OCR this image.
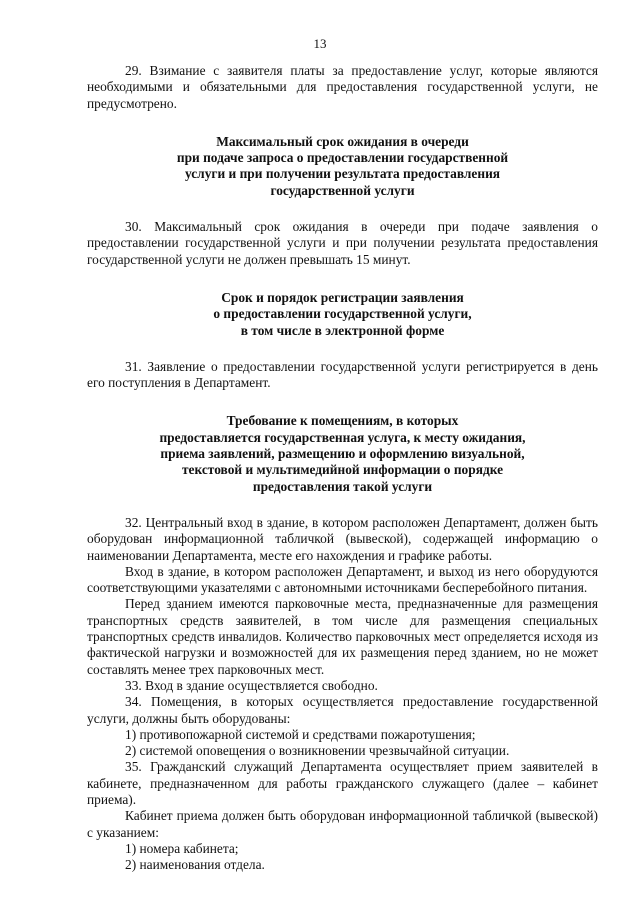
13

29. Взимание с заявителя платы за предоставление услуг, которые являются необходимыми и обязательными для предоставления государственной услуги, не предусмотрено.

Максимальный срок ожидания в очереди
при подаче запроса о предоставлении государственной
услуги и при получении результата предоставления
государственной услуги

30. Максимальный срок ожидания в очереди при подаче заявления о предоставлении государственной услуги и при получении результата предоставления государственной услуги не должен превышать 15 минут.

Срок и порядок регистрации заявления
о предоставлении государственной услуги,
в том числе в электронной форме

31. Заявление о предоставлении государственной услуги регистрируется в день его поступления в Департамент.

Требование к помещениям, в которых
предоставляется государственная услуга, к месту ожидания,
приема заявлений, размещению и оформлению визуальной,
текстовой и мультимедийной информации о порядке
предоставления такой услуги

32. Центральный вход в здание, в котором расположен Департамент, должен быть оборудован информационной табличкой (вывеской), содержащей информацию о наименовании Департамента, месте его нахождения и графике работы.

Вход в здание, в котором расположен Департамент, и выход из него оборудуются соответствующими указателями с автономными источниками бесперебойного питания.

Перед зданием имеются парковочные места, предназначенные для размещения транспортных средств заявителей, в том числе для размещения специальных транспортных средств инвалидов. Количество парковочных мест определяется исходя из фактической нагрузки и возможностей для их размещения перед зданием, но не может составлять менее трех парковочных мест.

33. Вход в здание осуществляется свободно.

34. Помещения, в которых осуществляется предоставление государственной услуги, должны быть оборудованы:

1) противопожарной системой и средствами пожаротушения;

2) системой оповещения о возникновении чрезвычайной ситуации.

35. Гражданский служащий Департамента осуществляет прием заявителей в кабинете, предназначенном для работы гражданского служащего (далее – кабинет приема).

Кабинет приема должен быть оборудован информационной табличкой (вывеской) с указанием:

1) номера кабинета;

2) наименования отдела.
